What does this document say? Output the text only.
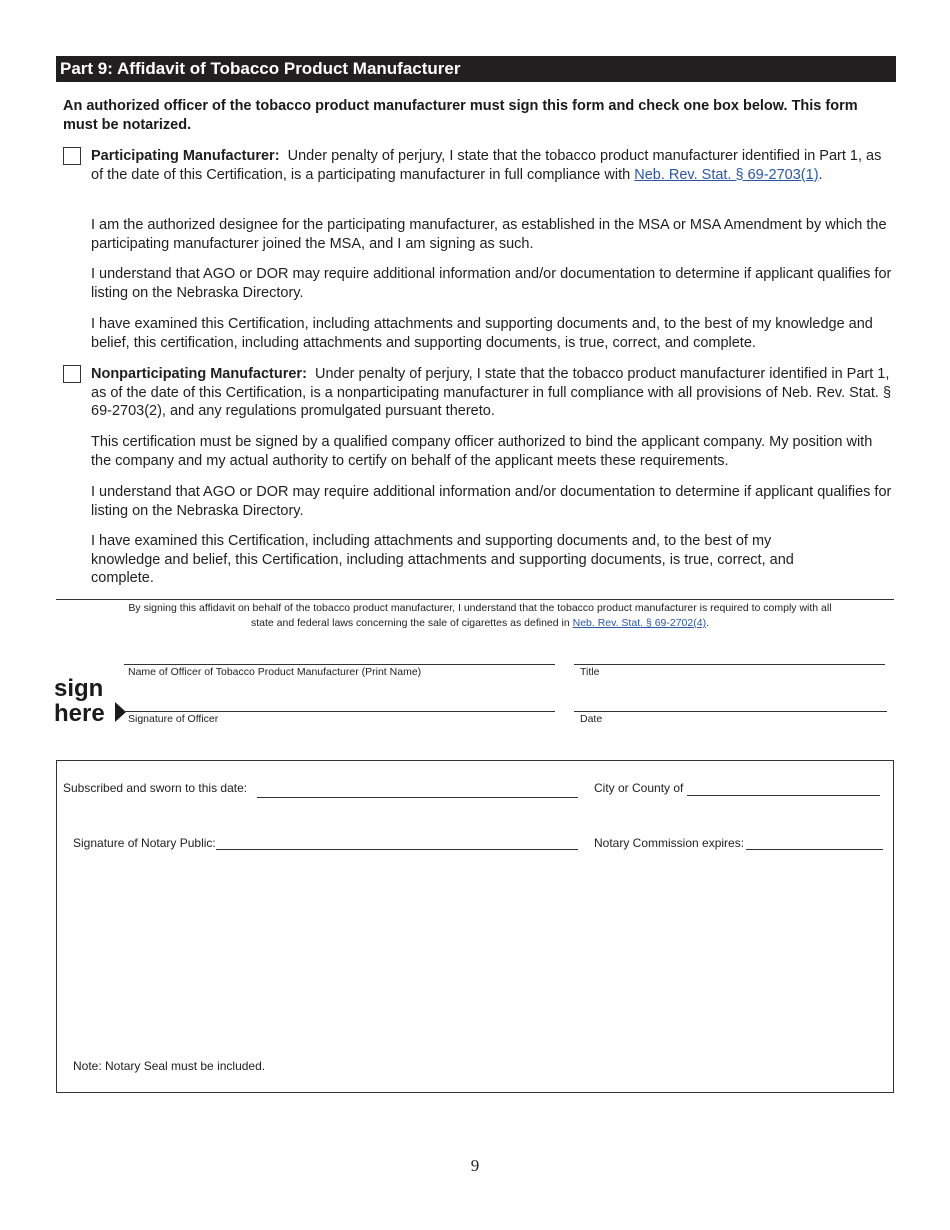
Part 9: Affidavit of Tobacco Product Manufacturer
An authorized officer of the tobacco product manufacturer must sign this form and check one box below. This form must be notarized.
Participating Manufacturer: Under penalty of perjury, I state that the tobacco product manufacturer identified in Part 1, as of the date of this Certification, is a participating manufacturer in full compliance with Neb. Rev. Stat. § 69-2703(1).
I am the authorized designee for the participating manufacturer, as established in the MSA or MSA Amendment by which the participating manufacturer joined the MSA, and I am signing as such.
I understand that AGO or DOR may require additional information and/or documentation to determine if applicant qualifies for listing on the Nebraska Directory.
I have examined this Certification, including attachments and supporting documents and, to the best of my knowledge and belief, this certification, including attachments and supporting documents, is true, correct, and complete.
Nonparticipating Manufacturer: Under penalty of perjury, I state that the tobacco product manufacturer identified in Part 1, as of the date of this Certification, is a nonparticipating manufacturer in full compliance with all provisions of Neb. Rev. Stat. § 69-2703(2), and any regulations promulgated pursuant thereto.
This certification must be signed by a qualified company officer authorized to bind the applicant company. My position with the company and my actual authority to certify on behalf of the applicant meets these requirements.
I understand that AGO or DOR may require additional information and/or documentation to determine if applicant qualifies for listing on the Nebraska Directory.
I have examined this Certification, including attachments and supporting documents and, to the best of my knowledge and belief, this Certification, including attachments and supporting documents, is true, correct, and complete.
By signing this affidavit on behalf of the tobacco product manufacturer, I understand that the tobacco product manufacturer is required to comply with all state and federal laws concerning the sale of cigarettes as defined in Neb. Rev. Stat. § 69-2702(4).
Name of Officer of Tobacco Product Manufacturer (Print Name)	Title
sign
here Signature of Officer	Date
Subscribed and sworn to this date:	City or County of
Signature of Notary Public:	Notary Commission expires:
Note: Notary Seal must be included.
9
